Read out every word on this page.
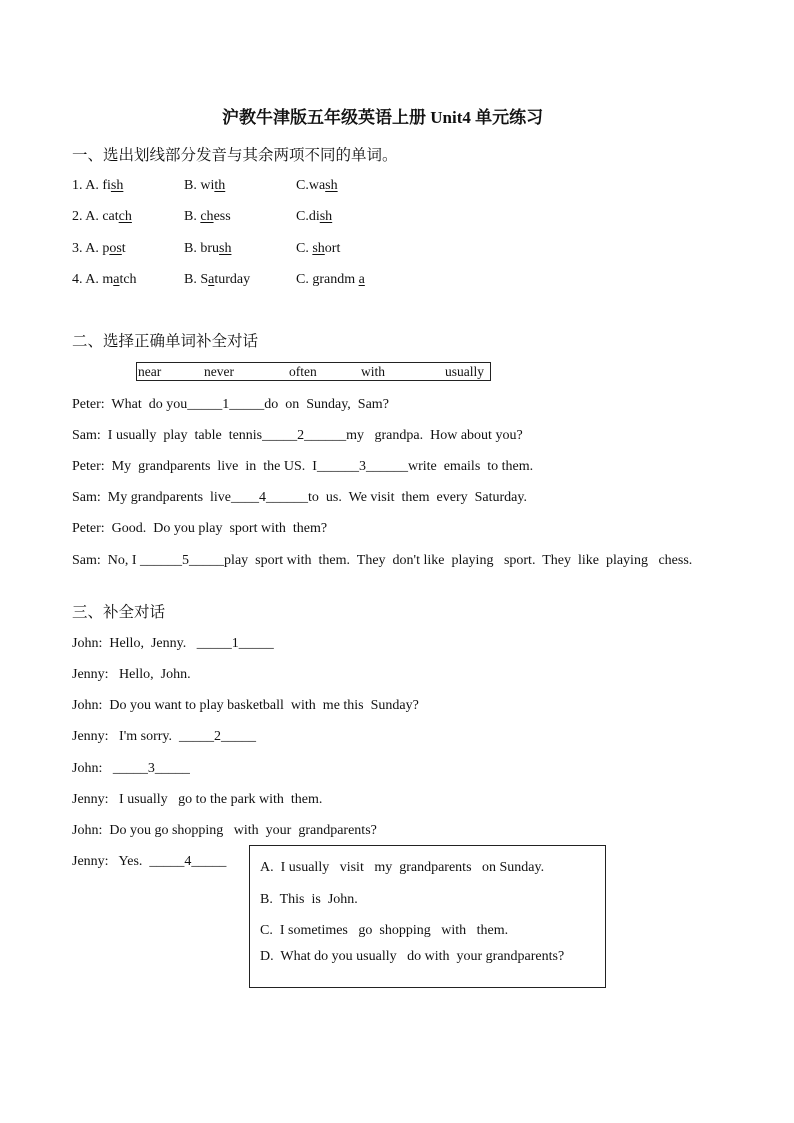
沪教牛津版五年级英语上册 Unit4 单元练习
一、选出划线部分发音与其余两项不同的单词。
1. A. fish	B. with	C.wash
2. A. catch	B. chess	C.dish
3. A. post	B. brush	C. short
4. A. match	B. Saturday	C. grandm a
二、选择正确单词补全对话
near	never	often	with	usually
Peter:  What  do you_____1_____do  on  Sunday,  Sam?
Sam:  I usually  play  table  tennis_____2______my   grandpa.  How about you?
Peter:  My  grandparents  live  in  the US.  I______3______write  emails  to them.
Sam:  My grandparents  live____4______to  us.  We visit  them  every  Saturday.
Peter:  Good.  Do you play  sport with  them?
Sam:  No, I ______5_____play  sport with  them.  They  don't like  playing   sport.  They  like  playing   chess.
三、补全对话
John:  Hello,  Jenny.   _____1_____
Jenny:   Hello,  John.
John:  Do you want to play basketball  with  me this  Sunday?
Jenny:   I'm sorry.  _____2_____
John:   _____3_____
Jenny:   I usually   go to the park with  them.
John:  Do you go shopping   with  your  grandparents?
Jenny:   Yes.  _____4_____ A.  I usually   visit   my  grandparents   on Sunday.
B.  This  is  John.
C.  I sometimes   go  shopping   with   them.
D.  What do you usually   do with  your grandparents?
